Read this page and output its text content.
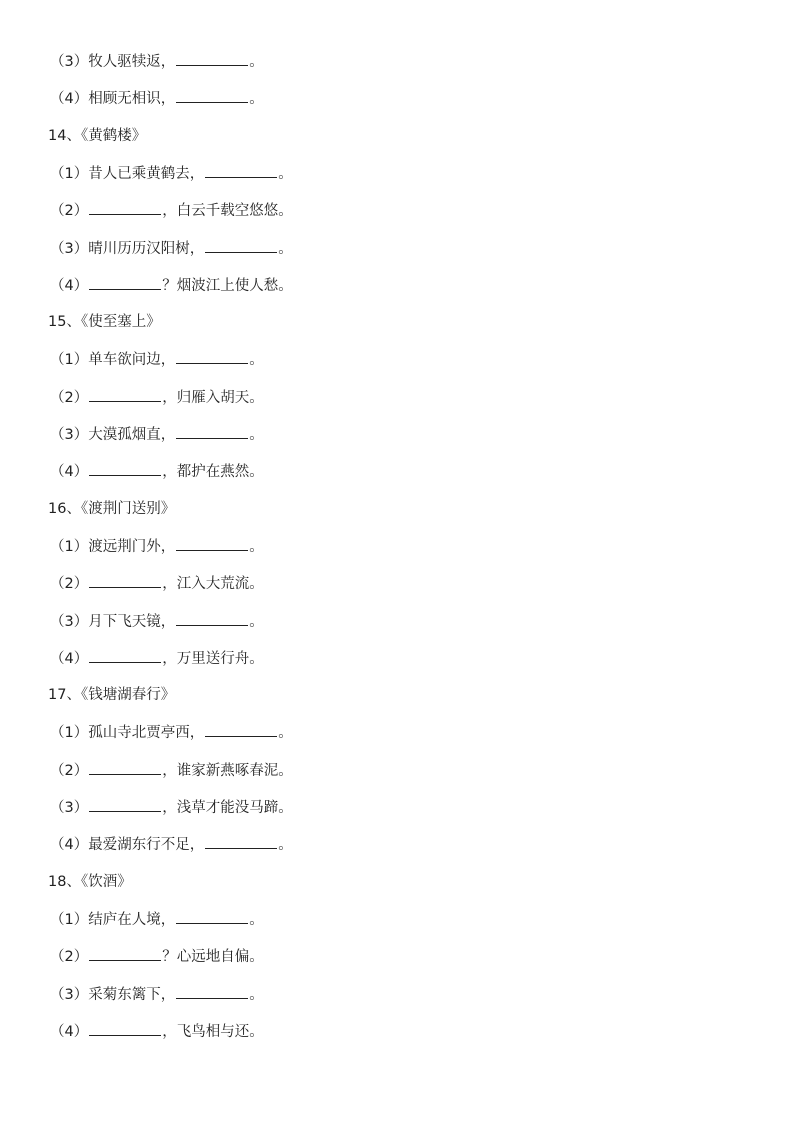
（3）牧人驱犊返，	。
（4）相顾无相识，	。
14、《黄鹤楼》
（1）昔人已乘黄鹤去，	。
（2）	，白云千载空悠悠。
（3）晴川历历汉阳树，	。
（4）	？烟波江上使人愁。
15、《使至塞上》
（1）单车欲问边，	。
（2）	，归雁入胡天。
（3）大漠孤烟直，	。
（4）	，都护在燕然。
16、《渡荆门送别》
（1）渡远荆门外，	。
（2）	，江入大荒流。
（3）月下飞天镜，	。
（4）	，万里送行舟。
17、《钱塘湖春行》
（1）孤山寺北贾亭西，	。
（2）	，谁家新燕啄春泥。
（3）	，浅草才能没马蹄。
（4）最爱湖东行不足，	。
18、《饮酒》
（1）结庐在人境，	。
（2）	？心远地自偏。
（3）采菊东篱下，	。
（4）	，飞鸟相与还。
